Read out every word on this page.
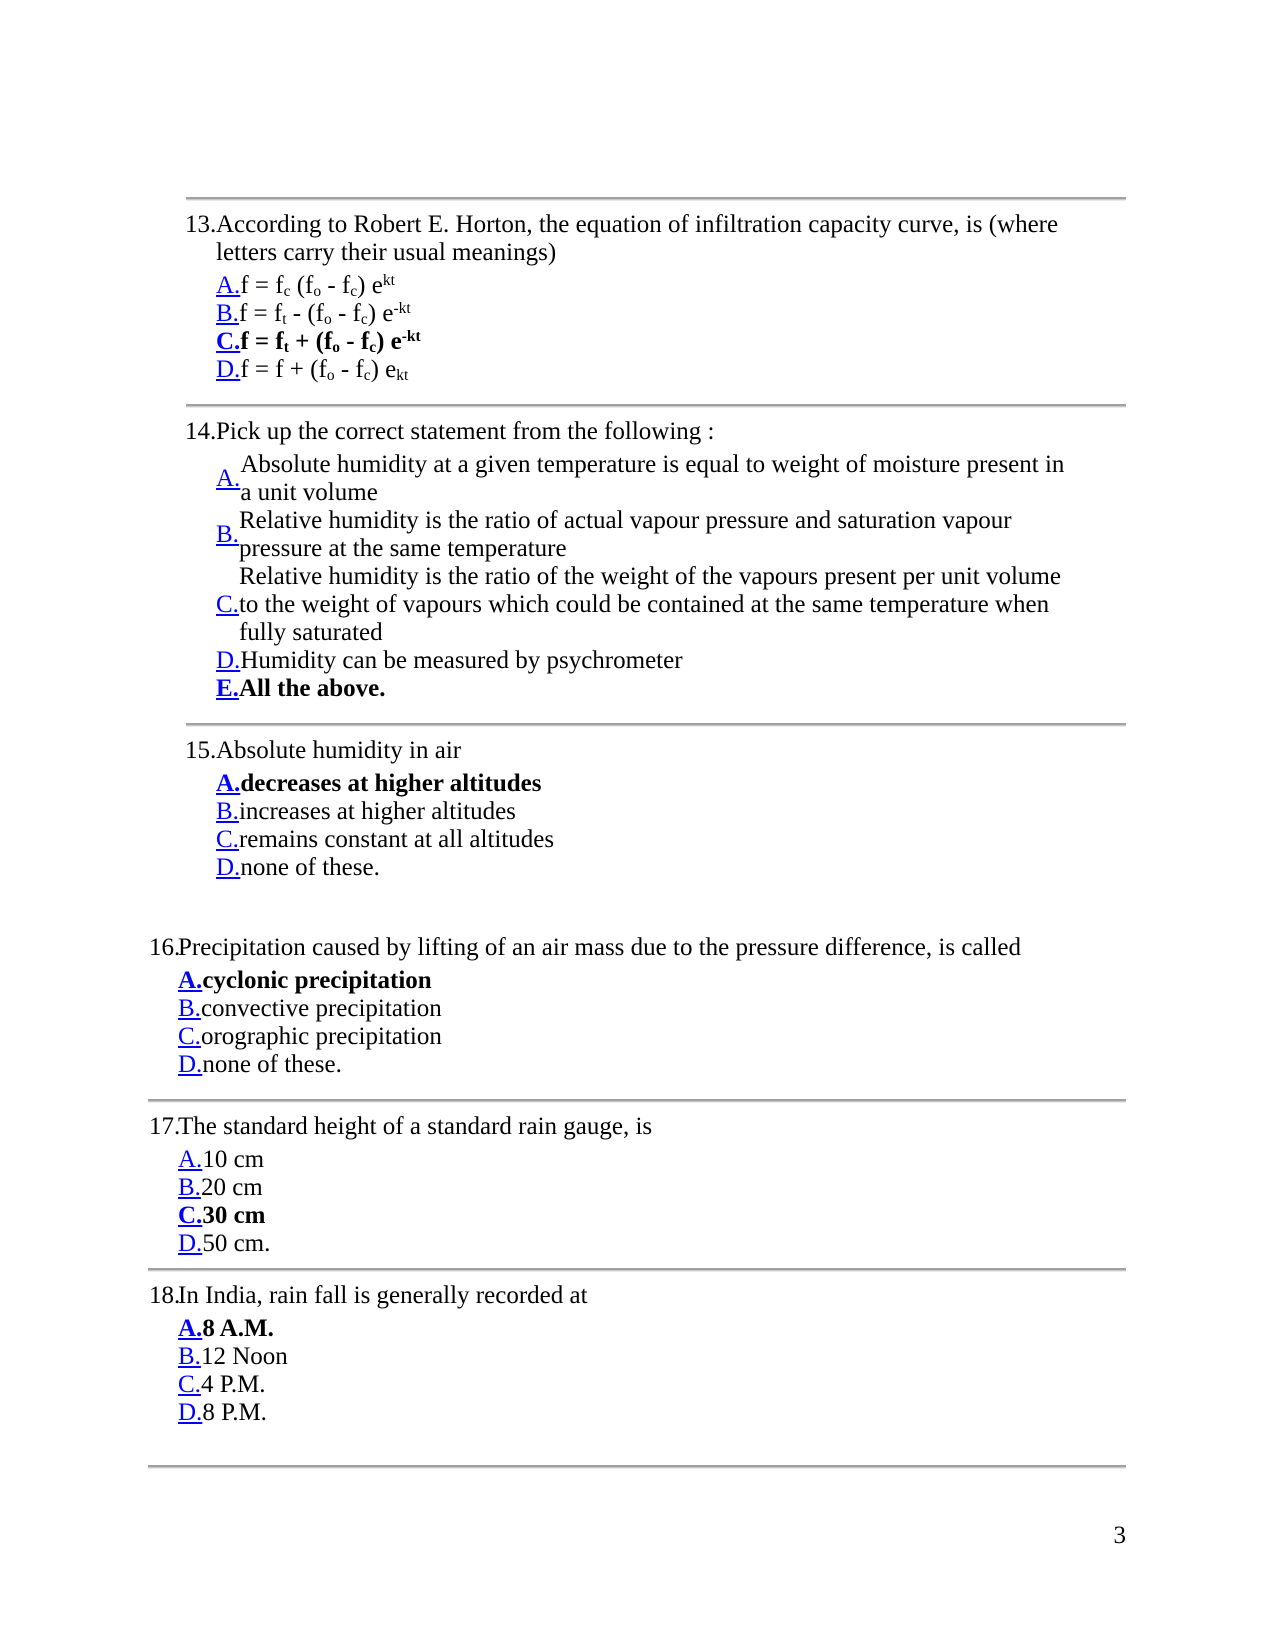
13. According to Robert E. Horton, the equation of infiltration capacity curve, is (where letters carry their usual meanings)
A. $f = f_c$ $(f_o - f_c)$ $e^{kt}$
B. $f = f_t - (f_o - f_c)$ $e^{-kt}$
C. $f = f_t + (f_o - f_c)$ $e^{-kt}$
D. $f = f + (f_o - f_c)$ $e_{kt}$
14. Pick up the correct statement from the following :
A.
Absolute humidity at a given temperature is equal to weight of moisture present in a unit volume
B.
Relative humidity is the ratio of actual vapour pressure and saturation vapour pressure at the same temperature
C.
Relative humidity is the ratio of the weight of the vapours present per unit volume to the weight of vapours which could be contained at the same temperature when fully saturated
D. Humidity can be measured by psychrometer
E. All the above.
15. Absolute humidity in air
A. decreases at higher altitudes
B. increases at higher altitudes
C. remains constant at all altitudes
D. none of these.
16.
Precipitation caused by lifting of an air mass due to the pressure difference, is called
A. cyclonic precipitation
B. convective precipitation
C. orographic precipitation
D. none of these.
17.
The standard height of a standard rain gauge, is
A. 10 cm
B. 20 cm
C. 30 cm
D. 50 cm.
18.
In India, rain fall is generally recorded at
A. 8 A.M.
B. 12 Noon
C. 4 P.M.
D. 8 P.M.
3
